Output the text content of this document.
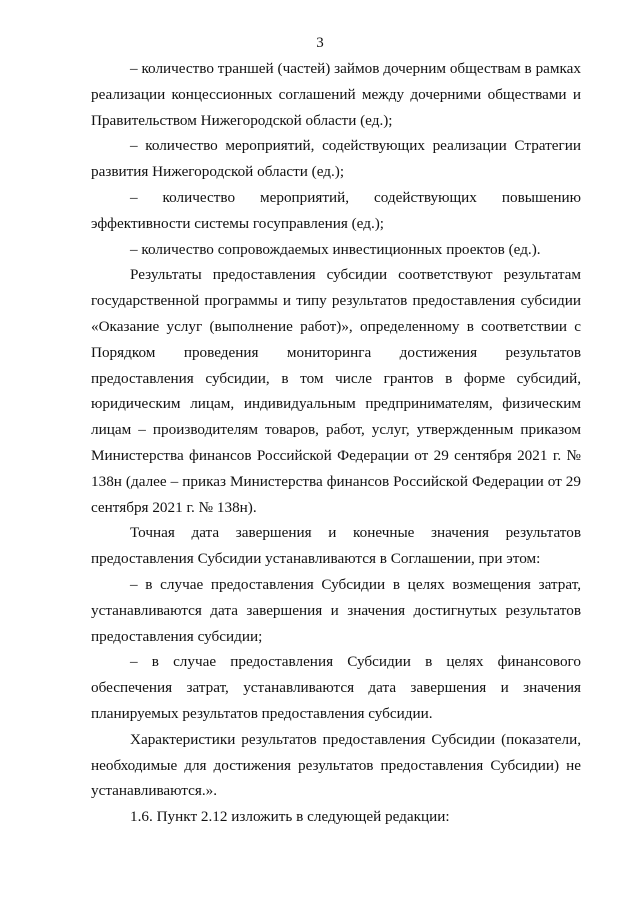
3

– количество траншей (частей) займов дочерним обществам в рамках реализации концессионных соглашений между дочерними обществами и Правительством Нижегородской области (ед.);

– количество мероприятий, содействующих реализации Стратегии развития Нижегородской области (ед.);

– количество мероприятий, содействующих повышению эффективности системы госуправления (ед.);

– количество сопровождаемых инвестиционных проектов (ед.).

Результаты предоставления субсидии соответствуют результатам государственной программы и типу результатов предоставления субсидии «Оказание услуг (выполнение работ)», определенному в соответствии с Порядком проведения мониторинга достижения результатов предоставления субсидии, в том числе грантов в форме субсидий, юридическим лицам, индивидуальным предпринимателям, физическим лицам – производителям товаров, работ, услуг, утвержденным приказом Министерства финансов Российской Федерации от 29 сентября 2021 г. № 138н (далее – приказ Министерства финансов Российской Федерации от 29 сентября 2021 г. № 138н).

Точная дата завершения и конечные значения результатов предоставления Субсидии устанавливаются в Соглашении, при этом:

– в случае предоставления Субсидии в целях возмещения затрат, устанавливаются дата завершения и значения достигнутых результатов предоставления субсидии;

– в случае предоставления Субсидии в целях финансового обеспечения затрат, устанавливаются дата завершения и значения планируемых результатов предоставления субсидии.

Характеристики результатов предоставления Субсидии (показатели, необходимые для достижения результатов предоставления Субсидии) не устанавливаются.».

1.6. Пункт 2.12 изложить в следующей редакции:
